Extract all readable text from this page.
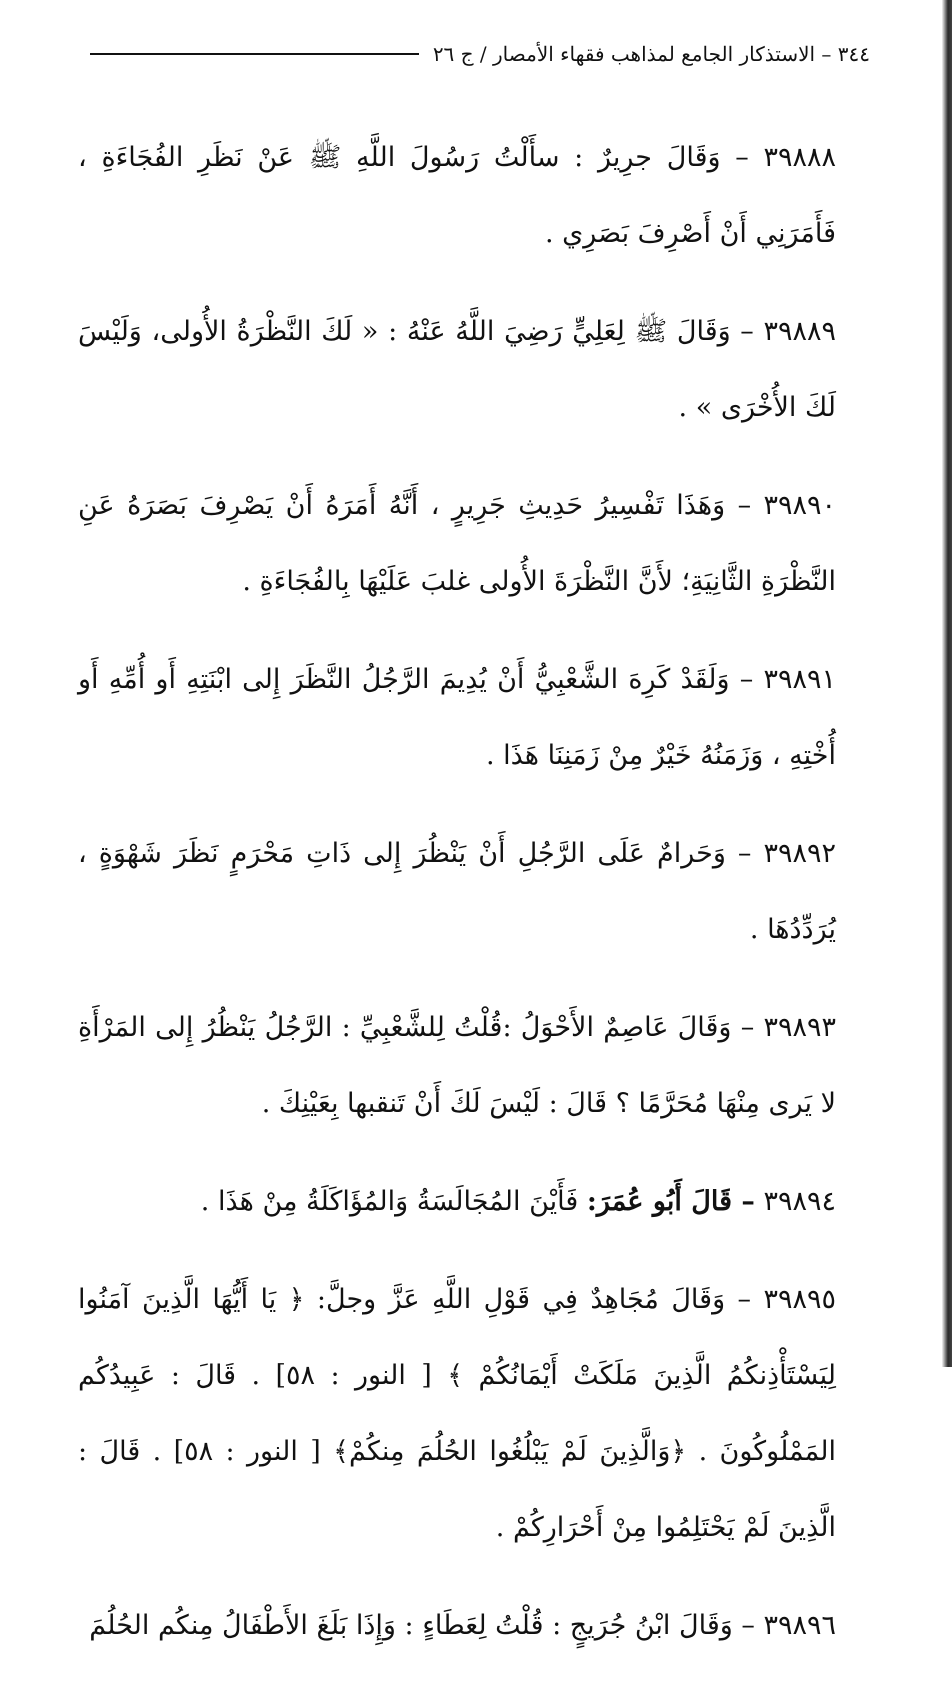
٣٤٤ – الاستذكار الجامع لمذاهب فقهاء الأمصار / ج ٢٦

٣٩٨٨٨ – وَقَالَ جرِيرٌ : سأَلْتُ رَسُولَ اللَّهِ ﷺ عَنْ نَظَرِ الفُجَاءَةِ ، فَأَمَرَنِي أَنْ أَصْرِفَ بَصَرِي .

٣٩٨٨٩ – وَقَالَ ﷺ لِعَلِيٍّ رَضِيَ اللَّهُ عَنْهُ : « لَكَ النَّظْرَةُ الأُولى، وَلَيْسَ لَكَ الأُخْرَى » .

٣٩٨٩٠ – وَهَذَا تَفْسِيرُ حَدِيثِ جَرِيرٍ ، أَنَّهُ أَمَرَهُ أَنْ يَصْرِفَ بَصَرَهُ عَنِ النَّظْرَةِ الثَّانِيَةِ؛ لأَنَّ النَّظْرَةَ الأُولى غلبَ عَلَيْهَا بِالفُجَاءَةِ .

٣٩٨٩١ – وَلَقَدْ كَرِهَ الشَّعْبِيُّ أَنْ يُدِيمَ الرَّجُلُ النَّظَرَ إِلى ابْنَتِهِ أَو أُمِّهِ أَو أُخْتِهِ ، وَزَمَنُهُ خَيْرٌ مِنْ زَمَنِنَا هَذَا .

٣٩٨٩٢ – وَحَرامٌ عَلَى الرَّجُلِ أَنْ يَنْظُرَ إِلى ذَاتِ مَحْرَمٍ نَظَرَ شَهْوَةٍ ، يُرَدِّدُهَا .

٣٩٨٩٣ – وَقَالَ عَاصِمٌ الأَحْوَلُ :قُلْتُ لِلشَّعْبِيِّ : الرَّجُلُ يَنْظُرُ إِلى المَرْأَةِ لا يَرى مِنْهَا مُحَرَّمًا ؟ قَالَ : لَيْسَ لَكَ أَنْ تَنقبها بِعَيْنِكَ .

٣٩٨٩٤ – قَالَ أَبُو عُمَرَ: فَأَيْنَ المُجَالَسَةُ وَالمُؤَاكَلَةُ مِنْ هَذَا .

٣٩٨٩٥ – وَقَالَ مُجَاهِدٌ فِي قَوْلِ اللَّهِ عَزَّ وجلَّ: ﴿ يَا أَيُّهَا الَّذِينَ آمَنُوا لِيَسْتَأْذِنكُمُ الَّذِينَ مَلَكَتْ أَيْمَانُكُمْ ﴾ [ النور : ٥٨] . قَالَ : عَبِيدُكُم المَمْلُوكُونَ . ﴿وَالَّذِينَ لَمْ يَبْلُغُوا الحُلُمَ مِنكُمْ﴾ [ النور : ٥٨] . قَالَ : الَّذِينَ لَمْ يَحْتَلِمُوا مِنْ أَحْرَارِكُمْ .

٣٩٨٩٦ – وَقَالَ ابْنُ جُرَيجٍ : قُلْتُ لِعَطَاءٍ : وَإِذَا بَلَغَ الأَطْفَالُ مِنكُم الحُلُمَ
